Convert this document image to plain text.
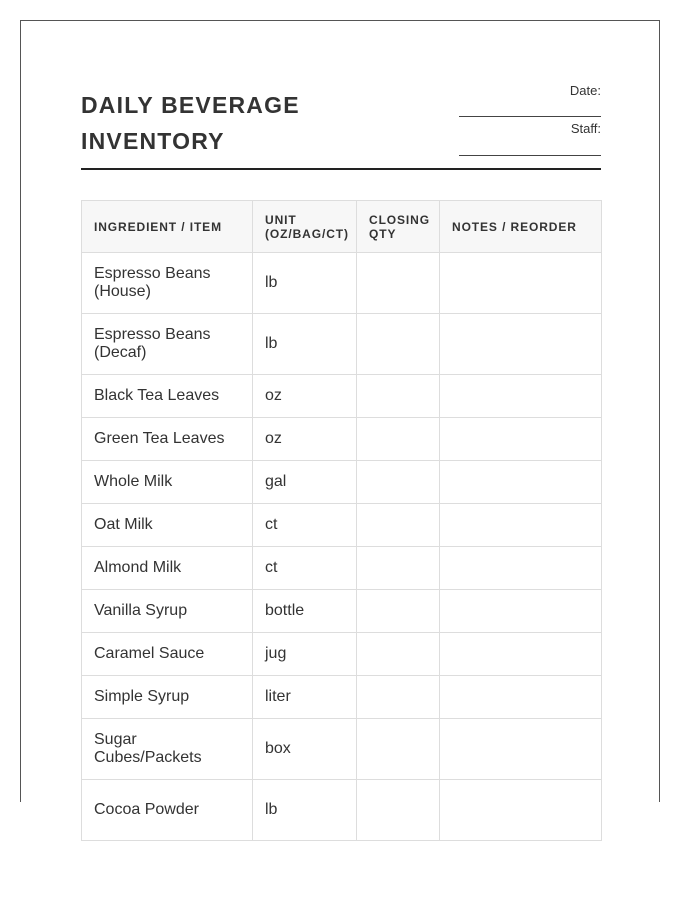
DAILY BEVERAGE INVENTORY
Date:
Staff:
INGREDIENT / ITEM	UNIT (OZ/BAG/CT)	CLOSING QTY	NOTES / REORDER
Espresso Beans (House)	lb		
Espresso Beans (Decaf)	lb		
Black Tea Leaves	oz		
Green Tea Leaves	oz		
Whole Milk	gal		
Oat Milk	ct		
Almond Milk	ct		
Vanilla Syrup	bottle		
Caramel Sauce	jug		
Simple Syrup	liter		
Sugar Cubes/Packets	box		
Cocoa Powder	lb		
